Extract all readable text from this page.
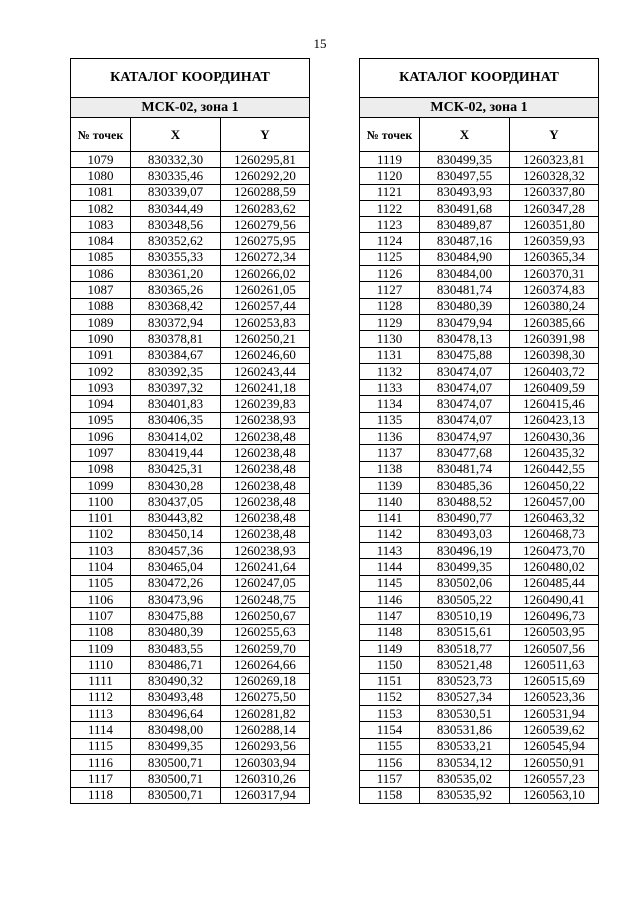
15
КАТАЛОГ КООРДИНАТ		
МСК-02, зона 1		
№ точек	X	Y
1079	830332,30	1260295,81
1080	830335,46	1260292,20
1081	830339,07	1260288,59
1082	830344,49	1260283,62
1083	830348,56	1260279,56
1084	830352,62	1260275,95
1085	830355,33	1260272,34
1086	830361,20	1260266,02
1087	830365,26	1260261,05
1088	830368,42	1260257,44
1089	830372,94	1260253,83
1090	830378,81	1260250,21
1091	830384,67	1260246,60
1092	830392,35	1260243,44
1093	830397,32	1260241,18
1094	830401,83	1260239,83
1095	830406,35	1260238,93
1096	830414,02	1260238,48
1097	830419,44	1260238,48
1098	830425,31	1260238,48
1099	830430,28	1260238,48
1100	830437,05	1260238,48
1101	830443,82	1260238,48
1102	830450,14	1260238,48
1103	830457,36	1260238,93
1104	830465,04	1260241,64
1105	830472,26	1260247,05
1106	830473,96	1260248,75
1107	830475,88	1260250,67
1108	830480,39	1260255,63
1109	830483,55	1260259,70
1110	830486,71	1260264,66
1111	830490,32	1260269,18
1112	830493,48	1260275,50
1113	830496,64	1260281,82
1114	830498,00	1260288,14
1115	830499,35	1260293,56
1116	830500,71	1260303,94
1117	830500,71	1260310,26
1118	830500,71	1260317,94
КАТАЛОГ КООРДИНАТ		
МСК-02, зона 1		
№ точек	X	Y
1119	830499,35	1260323,81
1120	830497,55	1260328,32
1121	830493,93	1260337,80
1122	830491,68	1260347,28
1123	830489,87	1260351,80
1124	830487,16	1260359,93
1125	830484,90	1260365,34
1126	830484,00	1260370,31
1127	830481,74	1260374,83
1128	830480,39	1260380,24
1129	830479,94	1260385,66
1130	830478,13	1260391,98
1131	830475,88	1260398,30
1132	830474,07	1260403,72
1133	830474,07	1260409,59
1134	830474,07	1260415,46
1135	830474,07	1260423,13
1136	830474,97	1260430,36
1137	830477,68	1260435,32
1138	830481,74	1260442,55
1139	830485,36	1260450,22
1140	830488,52	1260457,00
1141	830490,77	1260463,32
1142	830493,03	1260468,73
1143	830496,19	1260473,70
1144	830499,35	1260480,02
1145	830502,06	1260485,44
1146	830505,22	1260490,41
1147	830510,19	1260496,73
1148	830515,61	1260503,95
1149	830518,77	1260507,56
1150	830521,48	1260511,63
1151	830523,73	1260515,69
1152	830527,34	1260523,36
1153	830530,51	1260531,94
1154	830531,86	1260539,62
1155	830533,21	1260545,94
1156	830534,12	1260550,91
1157	830535,02	1260557,23
1158	830535,92	1260563,10
